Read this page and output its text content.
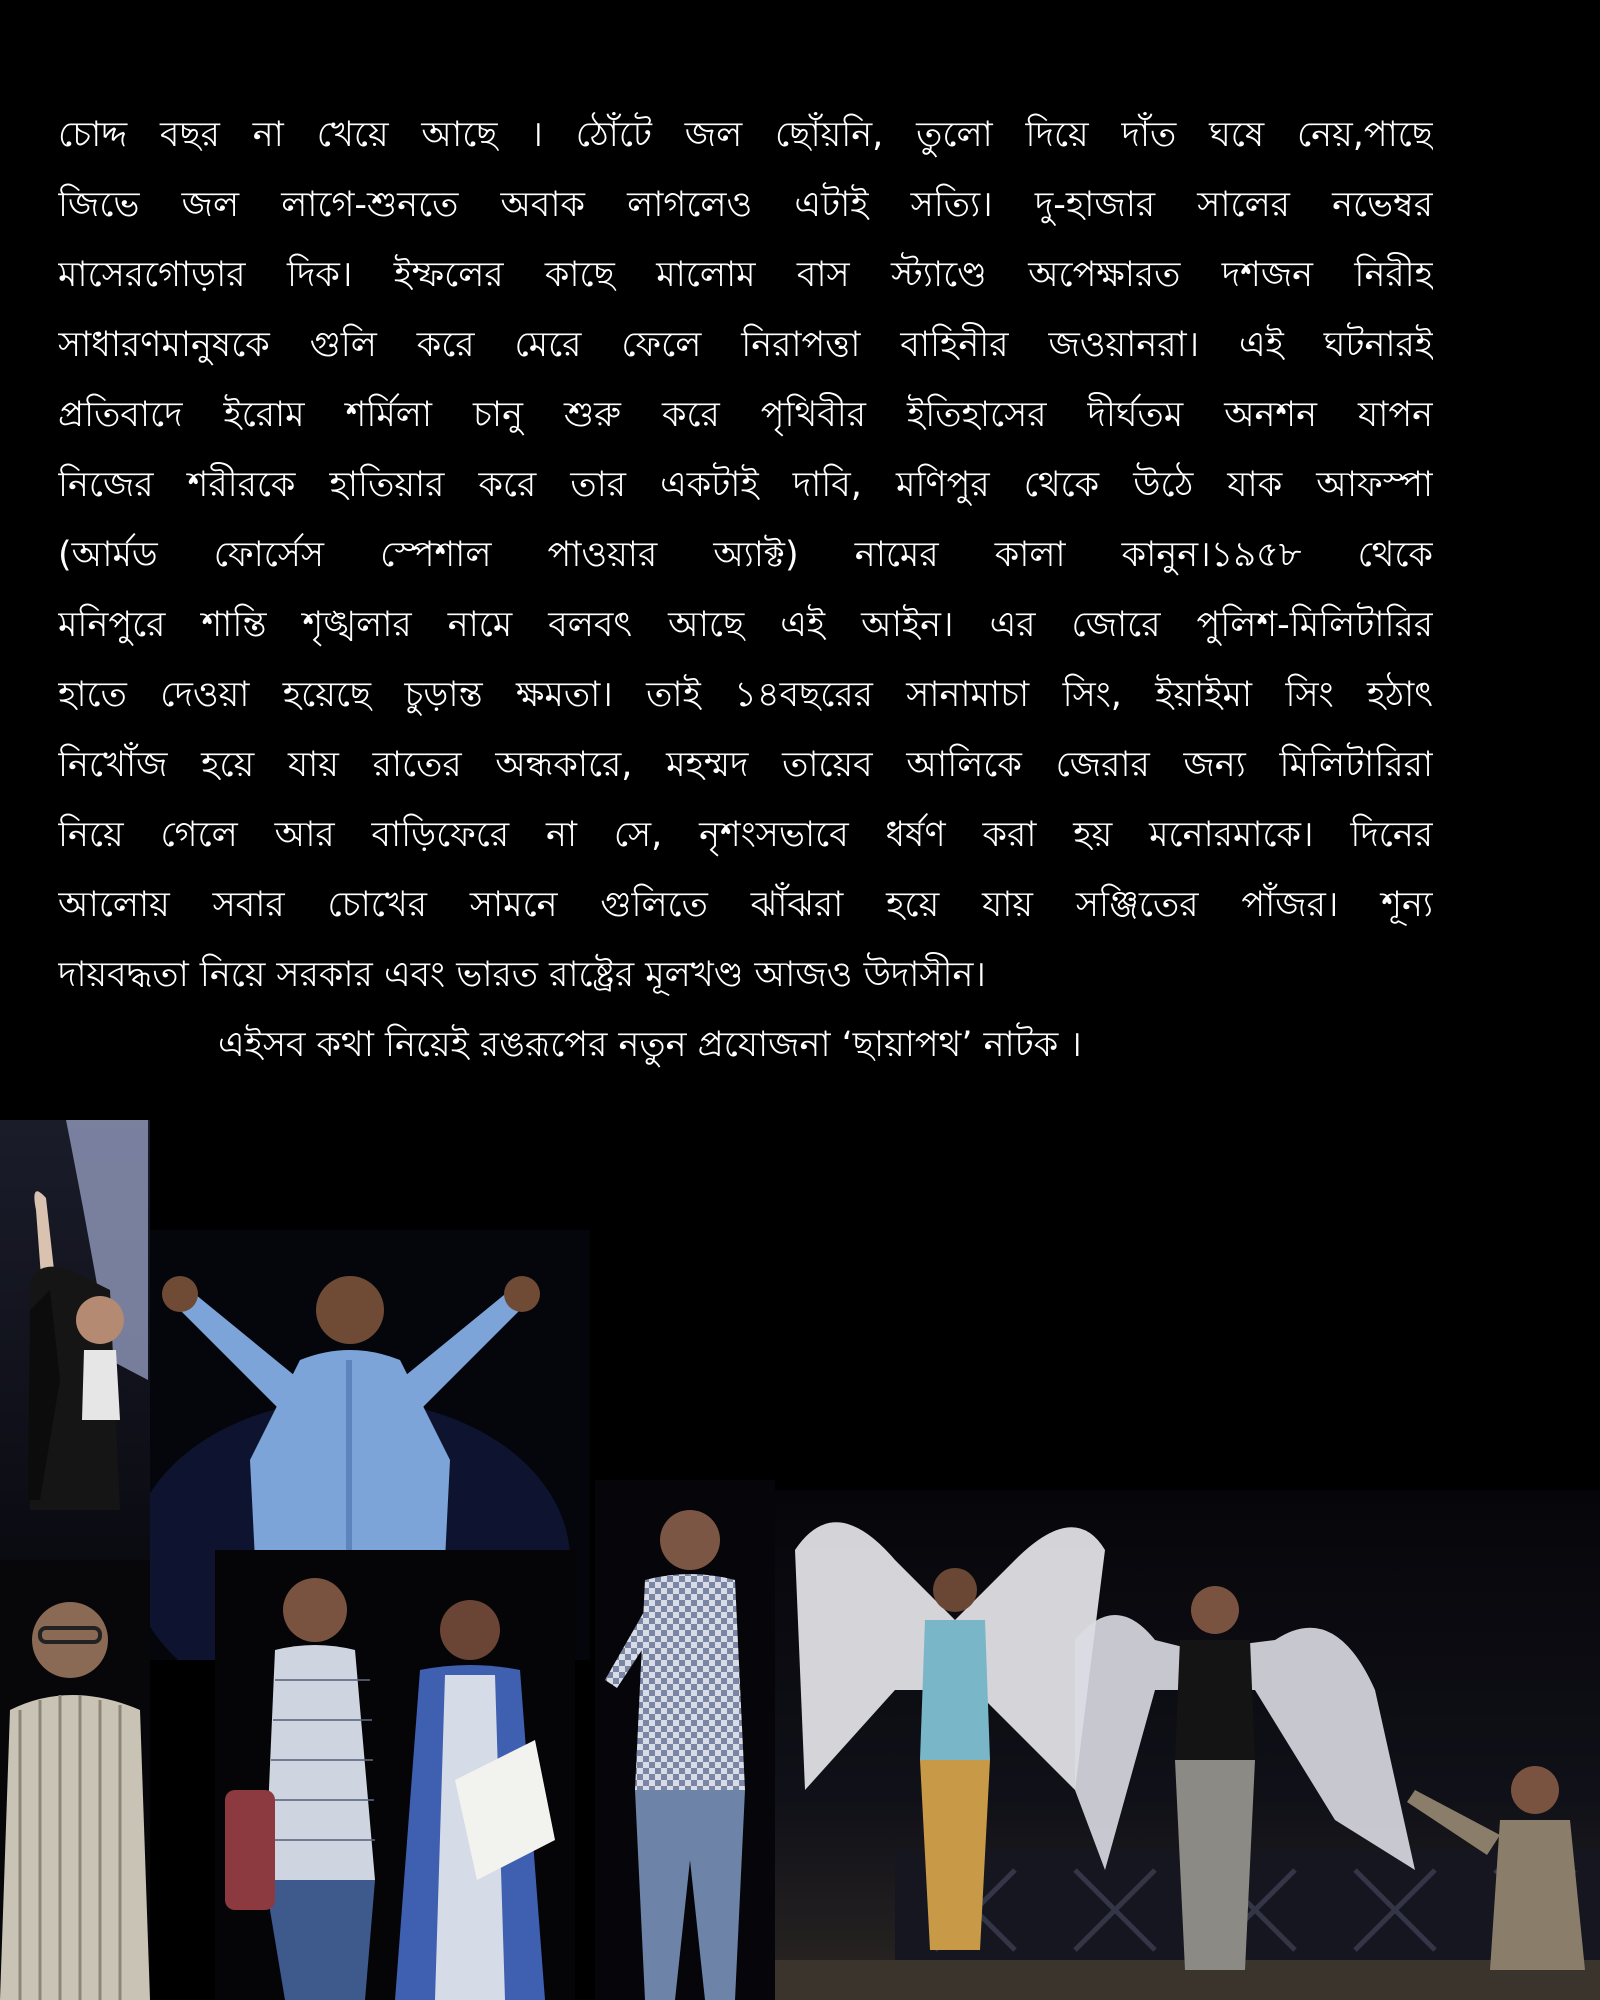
চোদ্দ বছর না খেয়ে আছে । ঠোঁটে জল ছোঁয়নি, তুলো দিয়ে দাঁত ঘষে নেয়,পাছে
জিভে জল লাগে-শুনতে অবাক লাগলেও এটাই সত্যি। দু-হাজার সালের নভেম্বর
মাসেরগোড়ার দিক। ইম্ফলের কাছে মালোম বাস স্ট্যাণ্ডে অপেক্ষারত দশজন নিরীহ
সাধারণমানুষকে গুলি করে মেরে ফেলে নিরাপত্তা বাহিনীর জওয়ানরা। এই ঘটনারই
প্রতিবাদে ইরোম শর্মিলা চানু শুরু করে পৃথিবীর ইতিহাসের দীর্ঘতম অনশন যাপন
নিজের শরীরকে হাতিয়ার করে তার একটাই দাবি, মণিপুর থেকে উঠে যাক আফস্পা
(আর্মড ফোর্সেস স্পেশাল পাওয়ার অ্যাক্ট) নামের কালা কানুন।১৯৫৮ থেকে
মনিপুরে শান্তি শৃঙ্খলার নামে বলবৎ আছে এই আইন। এর জোরে পুলিশ-মিলিটারির
হাতে দেওয়া হয়েছে চুড়ান্ত ক্ষমতা। তাই ১৪বছরের সানামাচা সিং, ইয়াইমা সিং হঠাৎ
নিখোঁজ হয়ে যায় রাতের অন্ধকারে, মহম্মদ তায়েব আলিকে জেরার জন্য মিলিটারিরা
নিয়ে গেলে আর বাড়িফেরে না সে, নৃশংসভাবে ধর্ষণ করা হয় মনোরমাকে। দিনের
আলোয় সবার চোখের সামনে গুলিতে ঝাঁঝরা হয়ে যায় সঞ্জিতের পাঁজর। শূন্য
দায়বদ্ধতা নিয়ে সরকার এবং ভারত রাষ্ট্রের মূলখণ্ড আজও উদাসীন।
এইসব কথা নিয়েই রঙরূপের নতুন প্রযোজনা ‘ছায়াপথ’ নাটক ।
